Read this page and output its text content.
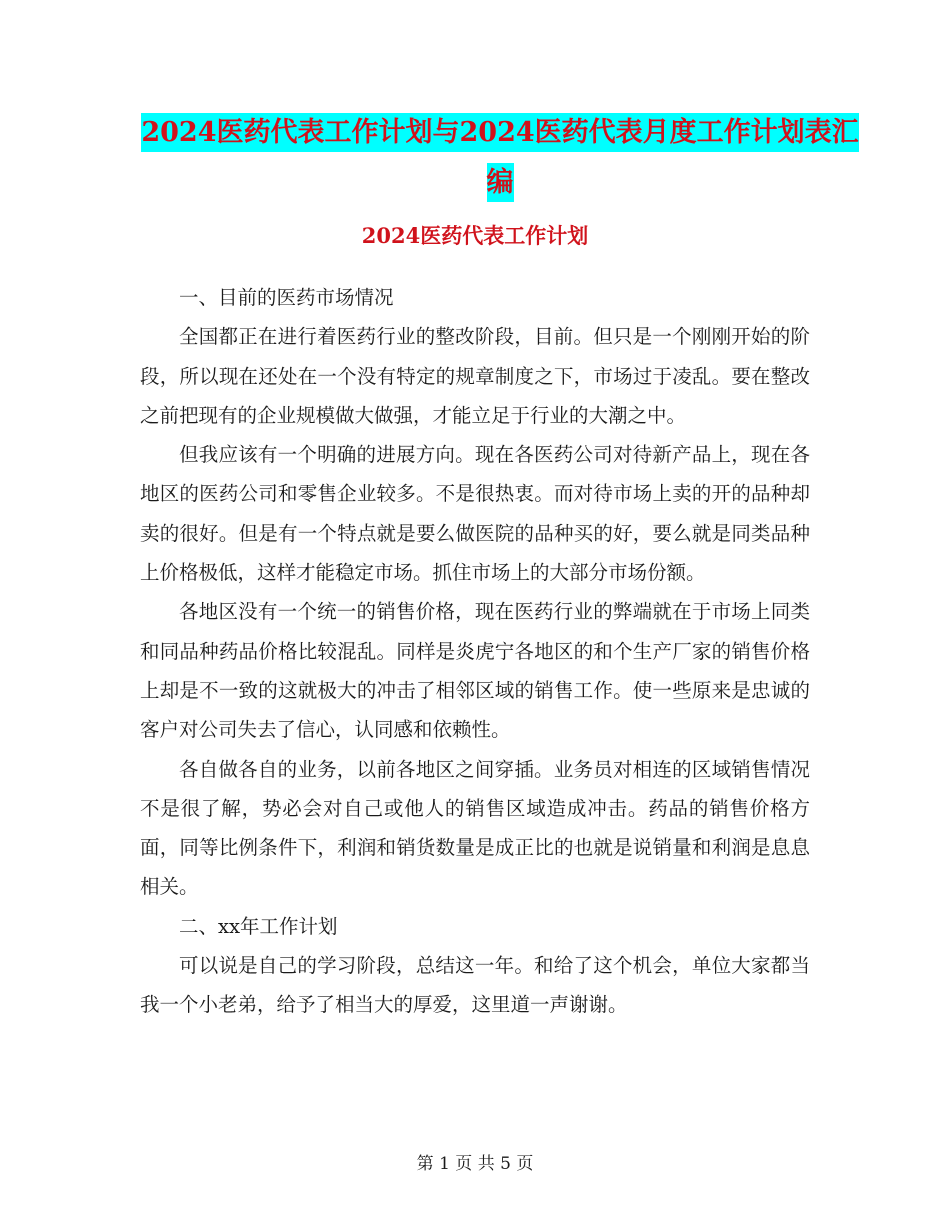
2024医药代表工作计划与2024医药代表月度工作计划表汇编
2024医药代表工作计划

一、目前的医药市场情况

全国都正在进行着医药行业的整改阶段，目前。但只是一个刚刚开始的阶段，所以现在还处在一个没有特定的规章制度之下，市场过于凌乱。要在整改之前把现有的企业规模做大做强，才能立足于行业的大潮之中。

但我应该有一个明确的进展方向。现在各医药公司对待新产品上，现在各地区的医药公司和零售企业较多。不是很热衷。而对待市场上卖的开的品种却卖的很好。但是有一个特点就是要么做医院的品种买的好，要么就是同类品种上价格极低，这样才能稳定市场。抓住市场上的大部分市场份额。

各地区没有一个统一的销售价格，现在医药行业的弊端就在于市场上同类和同品种药品价格比较混乱。同样是炎虎宁各地区的和个生产厂家的销售价格上却是不一致的这就极大的冲击了相邻区域的销售工作。使一些原来是忠诚的客户对公司失去了信心，认同感和依赖性。

各自做各自的业务，以前各地区之间穿插。业务员对相连的区域销售情况不是很了解，势必会对自己或他人的销售区域造成冲击。药品的销售价格方面，同等比例条件下，利润和销货数量是成正比的也就是说销量和利润是息息相关。

二、xx年工作计划

可以说是自己的学习阶段，总结这一年。和给了这个机会，单位大家都当我一个小老弟，给予了相当大的厚爱，这里道一声谢谢。

第 1 页 共 5 页
